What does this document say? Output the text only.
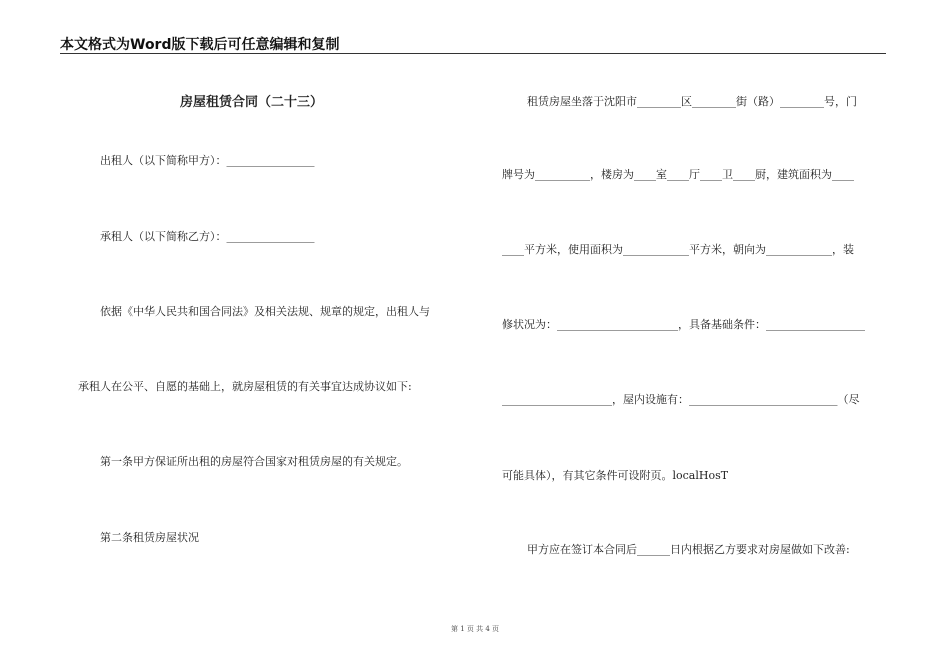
本文格式为Word版下载后可任意编辑和复制
房屋租赁合同（二十三）
出租人（以下简称甲方）：________________
承租人（以下简称乙方）：________________
依据《中华人民共和国合同法》及相关法规、规章的规定，出租人与
承租人在公平、自愿的基础上，就房屋租赁的有关事宜达成协议如下:
第一条甲方保证所出租的房屋符合国家对租赁房屋的有关规定。
第二条租赁房屋状况
租赁房屋坐落于沈阳市________区________街（路）________号，门
牌号为__________，楼房为____室____厅____卫____厨，建筑面积为____
____平方米，使用面积为____________平方米，朝向为____________，装
修状况为：______________________，具备基础条件：__________________
____________________，屋内设施有：___________________________（尽
可能具体），有其它条件可设附页。localHosT
甲方应在签订本合同后______日内根据乙方要求对房屋做如下改善:
第 1 页 共 4 页
